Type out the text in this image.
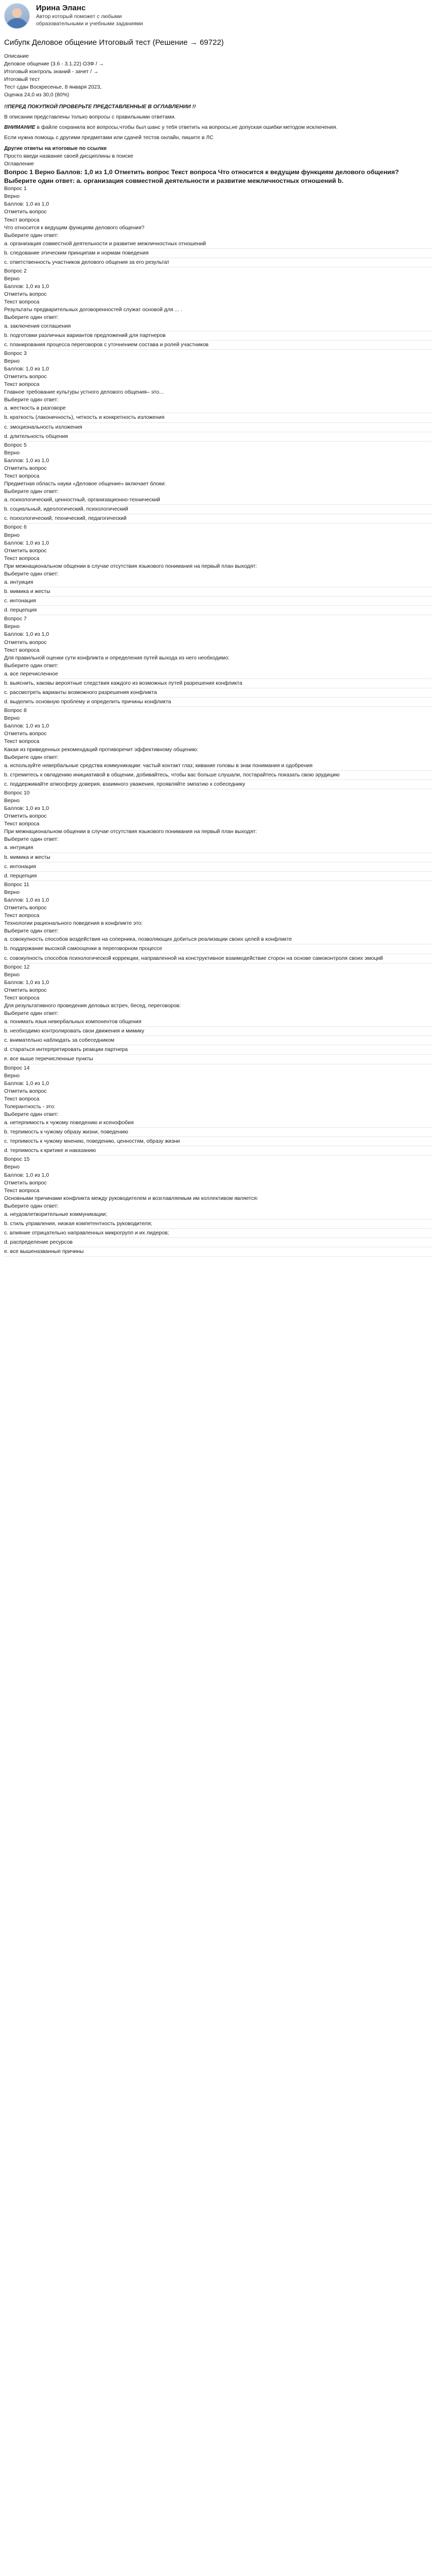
Ирина Эланс
Автор который поможет с любыми образовательными и учебными заданиями
Сибупк Деловое общение Итоговый тест (Решение → 69722)
Описание
Деловое общение (3.6 - 3.1.22) ОЗФ / →
Итоговый контроль знаний - зачет / →
Итоговый тест
Тест сдан Воскресенье, 8 января 2023,
Оценка 24,0 из 30,0 (80%)
!!ПЕРЕД ПОКУПКОЙ ПРОВЕРЬТЕ ПРЕДСТАВЛЕННЫЕ В ОГЛАВЛЕНИИ !!
В описании представлены только вопросы с правильными ответами.
ВНИМАНИЕ в файле сохранила все вопросы,чтобы был шанс у тебя ответить на вопросы,не допуская ошибки методом исключения.
Если нужна помощь с другими предметами или сдачей тестов онлайн, пишите в ЛС
Другие ответы на итоговые по ссылке
Просто введи название своей дисциплины в поиске
Оглавление
Вопрос 1 Верно Баллов: 1,0 из 1,0 Отметить вопрос Текст вопроса Что относится к ведущим функциям делового общения? Выберите один ответ: a. организация совместной деятельности и развитие межличностных отношений b.
Вопрос 1
Верно
Баллов: 1,0 из 1,0
Отметить вопрос
Текст вопроса
Что относится к ведущим функциям делового общения?
Выберите один ответ:
a. организация совместной деятельности и развитие межличностных отношений
b. следование этическим принципам и нормам поведения
c. ответственность участников делового общения за его результат
Вопрос 2
Верно
Баллов: 1,0 из 1,0
Отметить вопрос
Текст вопроса
Результаты предварительных договоренностей служат основой для ... .
Выберите один ответ:
a. заключения соглашения
b. подготовки различных вариантов предложений для партнеров
c. планирования процесса переговоров с уточнением состава и ролей участников
Вопрос 3
Верно
Баллов: 1,0 из 1,0
Отметить вопрос
Текст вопроса
Главное требование культуры устного делового общения– это...
Выберите один ответ:
a. жесткость в разговоре
b. краткость (лаконичность), четкость и конкретность изложения
c. эмоциональность изложения
d. длительность общения
Вопрос 5
Верно
Баллов: 1,0 из 1,0
Отметить вопрос
Текст вопроса
Предметная область науки «Деловое общение» включает блоки:
Выберите один ответ:
a. психологический, ценностный, организационно-технический
b. социальный, идеологический, психологический
c. психологический, технический, педагогический
Вопрос 6
Верно
Баллов: 1,0 из 1,0
Отметить вопрос
Текст вопроса
При межнациональном общении в случае отсутствия языкового понимания на первый план выходят:
Выберите один ответ:
a. интуиция
b. мимика и жесты
c. интонация
d. перцепция
Вопрос 7
Верно
Баллов: 1,0 из 1,0
Отметить вопрос
Текст вопроса
Для правильной оценки сути конфликта и определения путей выхода из него необходимо:
Выберите один ответ:
a. все перечисленное
b. выяснить, каковы вероятные следствия каждого из возможных путей разрешения конфликта
c. рассмотреть варианты возможного разрешения конфликта
d. выделить основную проблему и определить причины конфликта
Вопрос 8
Верно
Баллов: 1,0 из 1,0
Отметить вопрос
Текст вопроса
Какая из приведенных рекомендаций противоречит эффективному общению:
Выберите один ответ:
a. используйте невербальные средства коммуникации: частый контакт глаз; кивание головы в знак понимания и одобрения
b. стремитесь к овладению инициативой в общении, добивайтесь, чтобы вас больше слушали, постарайтесь показать свою эрудицию
c. поддерживайте атмосферу доверия, взаимного уважения, проявляйте эмпатию к собеседнику
Вопрос 10
Верно
Баллов: 1,0 из 1,0
Отметить вопрос
Текст вопроса
При межнациональном общении в случае отсутствия языкового понимания на первый план выходят:
Выберите один ответ:
a. интуиция
b. мимика и жесты
c. интонация
d. перцепция
Вопрос 11
Верно
Баллов: 1,0 из 1,0
Отметить вопрос
Текст вопроса
Технологии рационального поведения в конфликте это:
Выберите один ответ:
a. совокупность способов воздействия на соперника, позволяющих добиться реализации своих целей в конфликте
b. поддержание высокой самооценки в переговорном процессе
c. совокупность способов психологической коррекции, направленной на конструктивное взаимодействие сторон на основе самоконтроля своих эмоций
Вопрос 12
Верно
Баллов: 1,0 из 1,0
Отметить вопрос
Текст вопроса
Для результативного проведения деловых встреч, бесед, переговоров:
Выберите один ответ:
a. понимать язык невербальных компонентов общения
b. необходимо контролировать свои движения и мимику
c. внимательно наблюдать за собеседником
d. стараться интерпретировать реакции партнера
e. все выше перечисленные пункты
Вопрос 14
Верно
Баллов: 1,0 из 1,0
Отметить вопрос
Текст вопроса
Толерантность - это:
Выберите один ответ:
a. нетерпимость к чужому поведению и ксенофобия
b. терпимость к чужому образу жизни, поведению
c. терпимость к чужому мнению, поведению, ценностям, образу жизни
d. терпимость к критике и наказанию
Вопрос 15
Верно
Баллов: 1,0 из 1,0
Отметить вопрос
Текст вопроса
Основными причинами конфликта между руководителем и возглавляемым им коллективом является:
Выберите один ответ:
a. неудовлетворительные коммуникации;
b. стиль управления, низкая компетентность руководителя;
c. влияние отрицательно направленных микрогрупп и их лидеров;
d. распределение ресурсов
e. все вышеназванные причины
